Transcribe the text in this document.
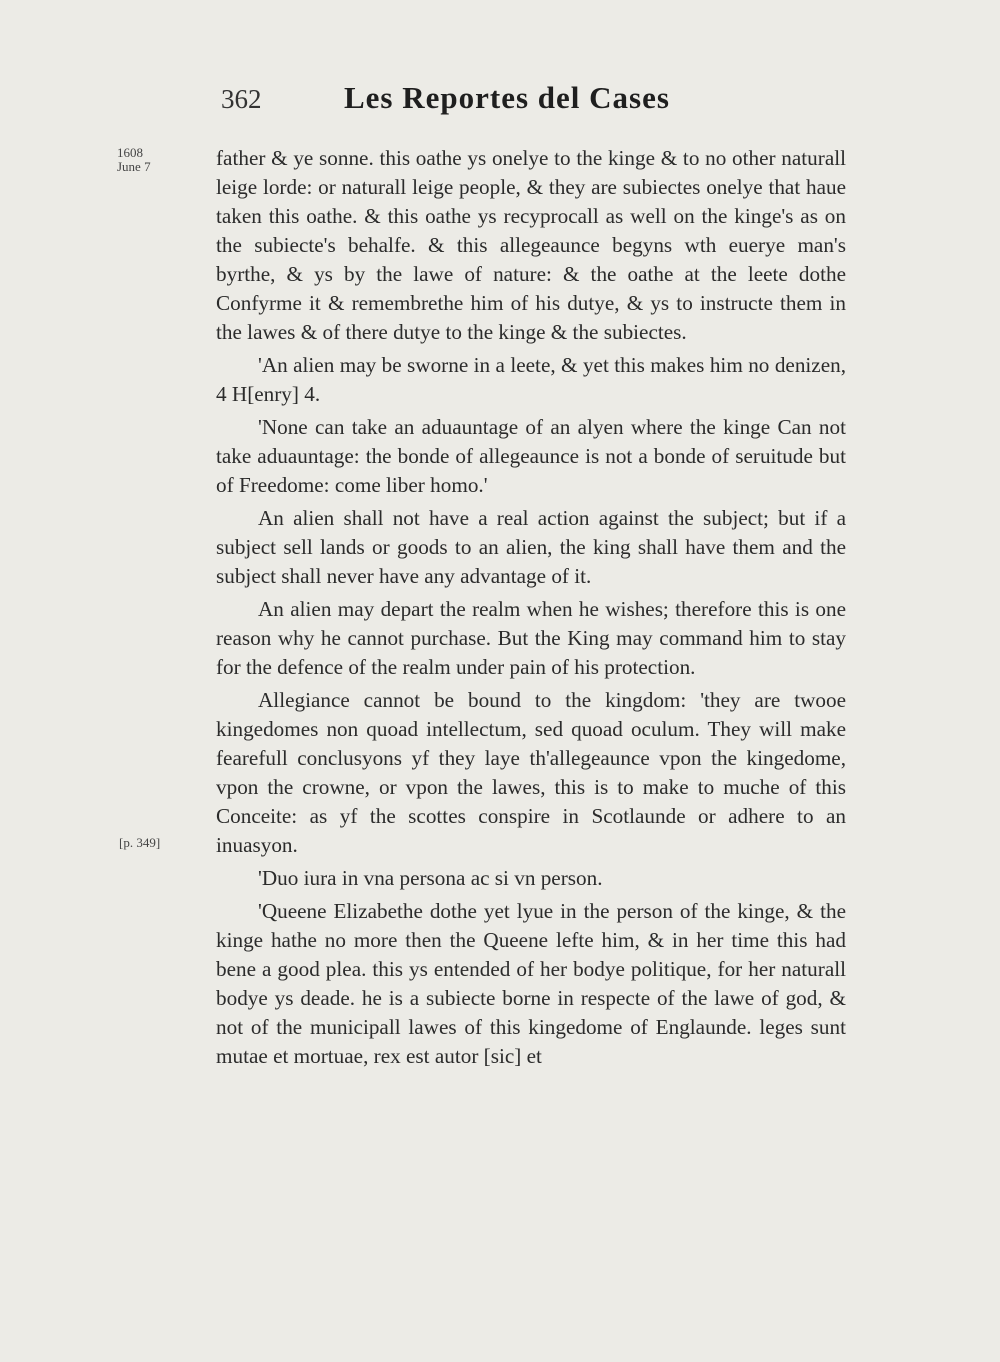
362	Les Reportes del Cases
1608
June 7
[p. 349]

father & ye sonne. this oathe ys onelye to the kinge & to no other naturall leige lorde: or naturall leige people, & they are subiectes onelye that haue taken this oathe. & this oathe ys recyprocall as well on the kinge's as on the subiecte's behalfe. & this allegeaunce begyns wth euerye man's byrthe, & ys by the lawe of nature: & the oathe at the leete dothe Confyrme it & remembrethe him of his dutye, & ys to instructe them in the lawes & of there dutye to the kinge & the subiectes.

'An alien may be sworne in a leete, & yet this makes him no denizen, 4 H[enry] 4.

'None can take an aduauntage of an alyen where the kinge Can not take aduauntage: the bonde of allegeaunce is not a bonde of seruitude but of Freedome: come liber homo.'

An alien shall not have a real action against the subject; but if a subject sell lands or goods to an alien, the king shall have them and the subject shall never have any advantage of it.

An alien may depart the realm when he wishes; therefore this is one reason why he cannot purchase. But the King may command him to stay for the defence of the realm under pain of his protection.

Allegiance cannot be bound to the kingdom: 'they are twooe kingedomes non quoad intellectum, sed quoad oculum. They will make fearefull conclusyons yf they laye th'allegeaunce vpon the kingedome, vpon the crowne, or vpon the lawes, this is to make to muche of this Conceite: as yf the scottes conspire in Scotlaunde or adhere to an inuasyon.

'Duo iura in vna persona ac si vn person.

'Queene Elizabethe dothe yet lyue in the person of the kinge, & the kinge hathe no more then the Queene lefte him, & in her time this had bene a good plea. this ys entended of her bodye politique, for her naturall bodye ys deade. he is a subiecte borne in respecte of the lawe of god, & not of the municipall lawes of this kingedome of Englaunde. leges sunt mutae et mortuae, rex est autor [sic] et
